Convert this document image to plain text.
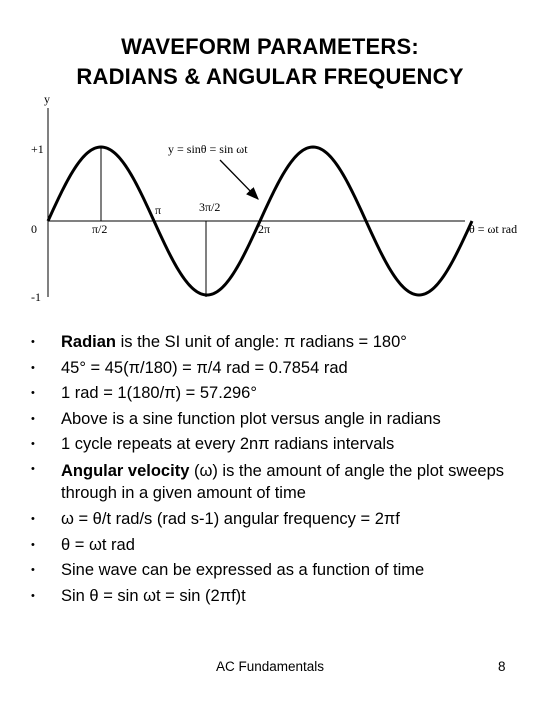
WAVEFORM PARAMETERS:
RADIANS & ANGULAR FREQUENCY
y
+1
-1
0	π/2
π	3π/2
2π	θ = ωt rad
y = sinθ = sin ωt
• Radian is the SI unit of angle: π radians = 180°
• 45° = 45(π/180) = π/4 rad = 0.7854 rad
• 1 rad = 1(180/π) = 57.296°
• Above is a sine function plot versus angle in radians
• 1 cycle repeats at every 2nπ radians intervals
• Angular velocity (ω) is the amount of angle the plot sweeps through in a given amount of time
• ω = θ/t rad/s (rad s-1) angular frequency = 2πf
• θ = ωt rad
• Sine wave can be expressed as a function of time
• Sin θ = sin ωt = sin (2πf)t
AC Fundamentals	8
